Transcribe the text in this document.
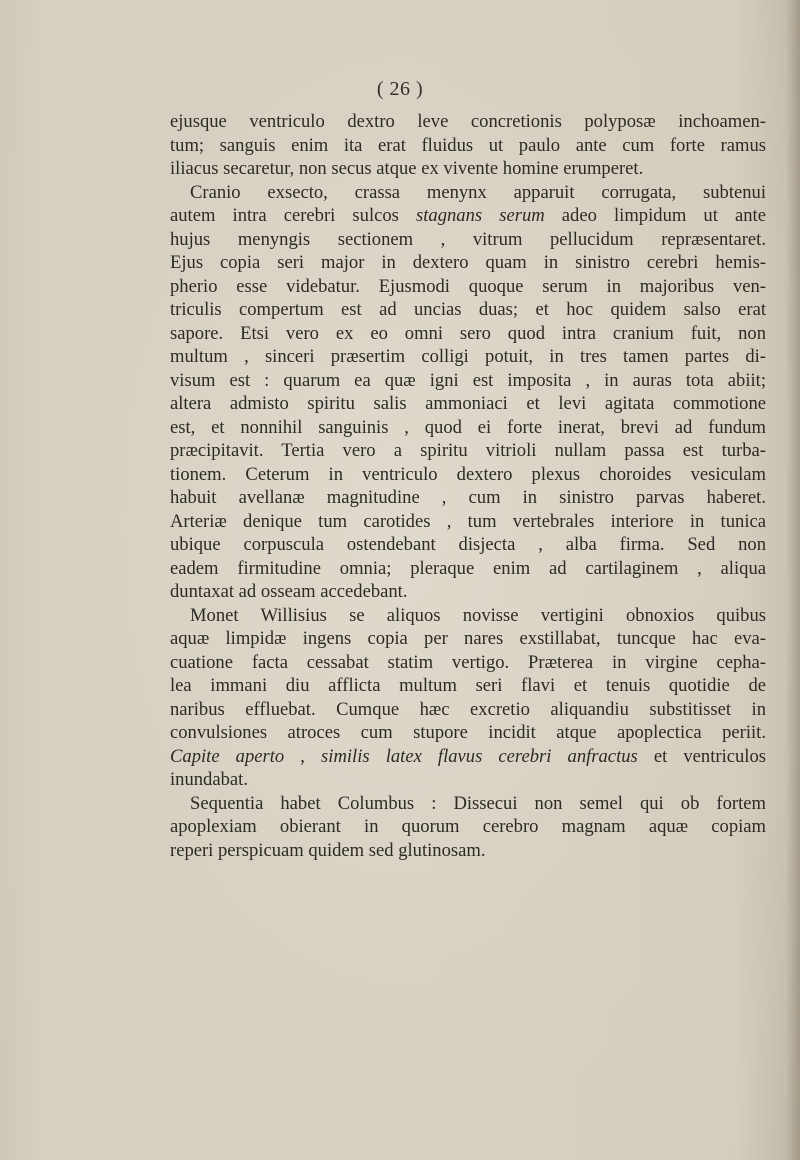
( 26 )
ejusque ventriculo dextro leve concretionis polyposæ inchoamen-
tum; sanguis enim ita erat fluidus ut paulo ante cum forte ramus
iliacus secaretur, non secus atque ex vivente homine erumperet.
Cranio exsecto, crassa menynx apparuit corrugata, subtenui
autem intra cerebri sulcos stagnans serum adeo limpidum ut ante
hujus menyngis sectionem , vitrum pellucidum repræsentaret.
Ejus copia seri major in dextero quam in sinistro cerebri hemis-
pherio esse videbatur. Ejusmodi quoque serum in majoribus ven-
triculis compertum est ad uncias duas; et hoc quidem salso erat
sapore. Etsi vero ex eo omni sero quod intra cranium fuit, non
multum , sinceri præsertim colligi potuit, in tres tamen partes di-
visum est : quarum ea quæ igni est imposita , in auras tota abiit;
altera admisto spiritu salis ammoniaci et levi agitata commotione
est, et nonnihil sanguinis , quod ei forte inerat, brevi ad fundum
præcipitavit. Tertia vero a spiritu vitrioli nullam passa est turba-
tionem. Ceterum in ventriculo dextero plexus choroides vesiculam
habuit avellanæ magnitudine , cum in sinistro parvas haberet.
Arteriæ denique tum carotides , tum vertebrales interiore in tunica
ubique corpuscula ostendebant disjecta , alba firma. Sed non
eadem firmitudine omnia; pleraque enim ad cartilaginem , aliqua
duntaxat ad osseam accedebant.
Monet Willisius se aliquos novisse vertigini obnoxios quibus
aquæ limpidæ ingens copia per nares exstillabat, tuncque hac eva-
cuatione facta cessabat statim vertigo. Præterea in virgine cepha-
lea immani diu afflicta multum seri flavi et tenuis quotidie de
naribus effluebat. Cumque hæc excretio aliquandiu substitisset in
convulsiones atroces cum stupore incidit atque apoplectica periit.
Capite aperto , similis latex flavus cerebri anfractus et ventriculos
inundabat.
Sequentia habet Columbus : Dissecui non semel qui ob fortem
apoplexiam obierant in quorum cerebro magnam aquæ copiam
reperi perspicuam quidem sed glutinosam.
